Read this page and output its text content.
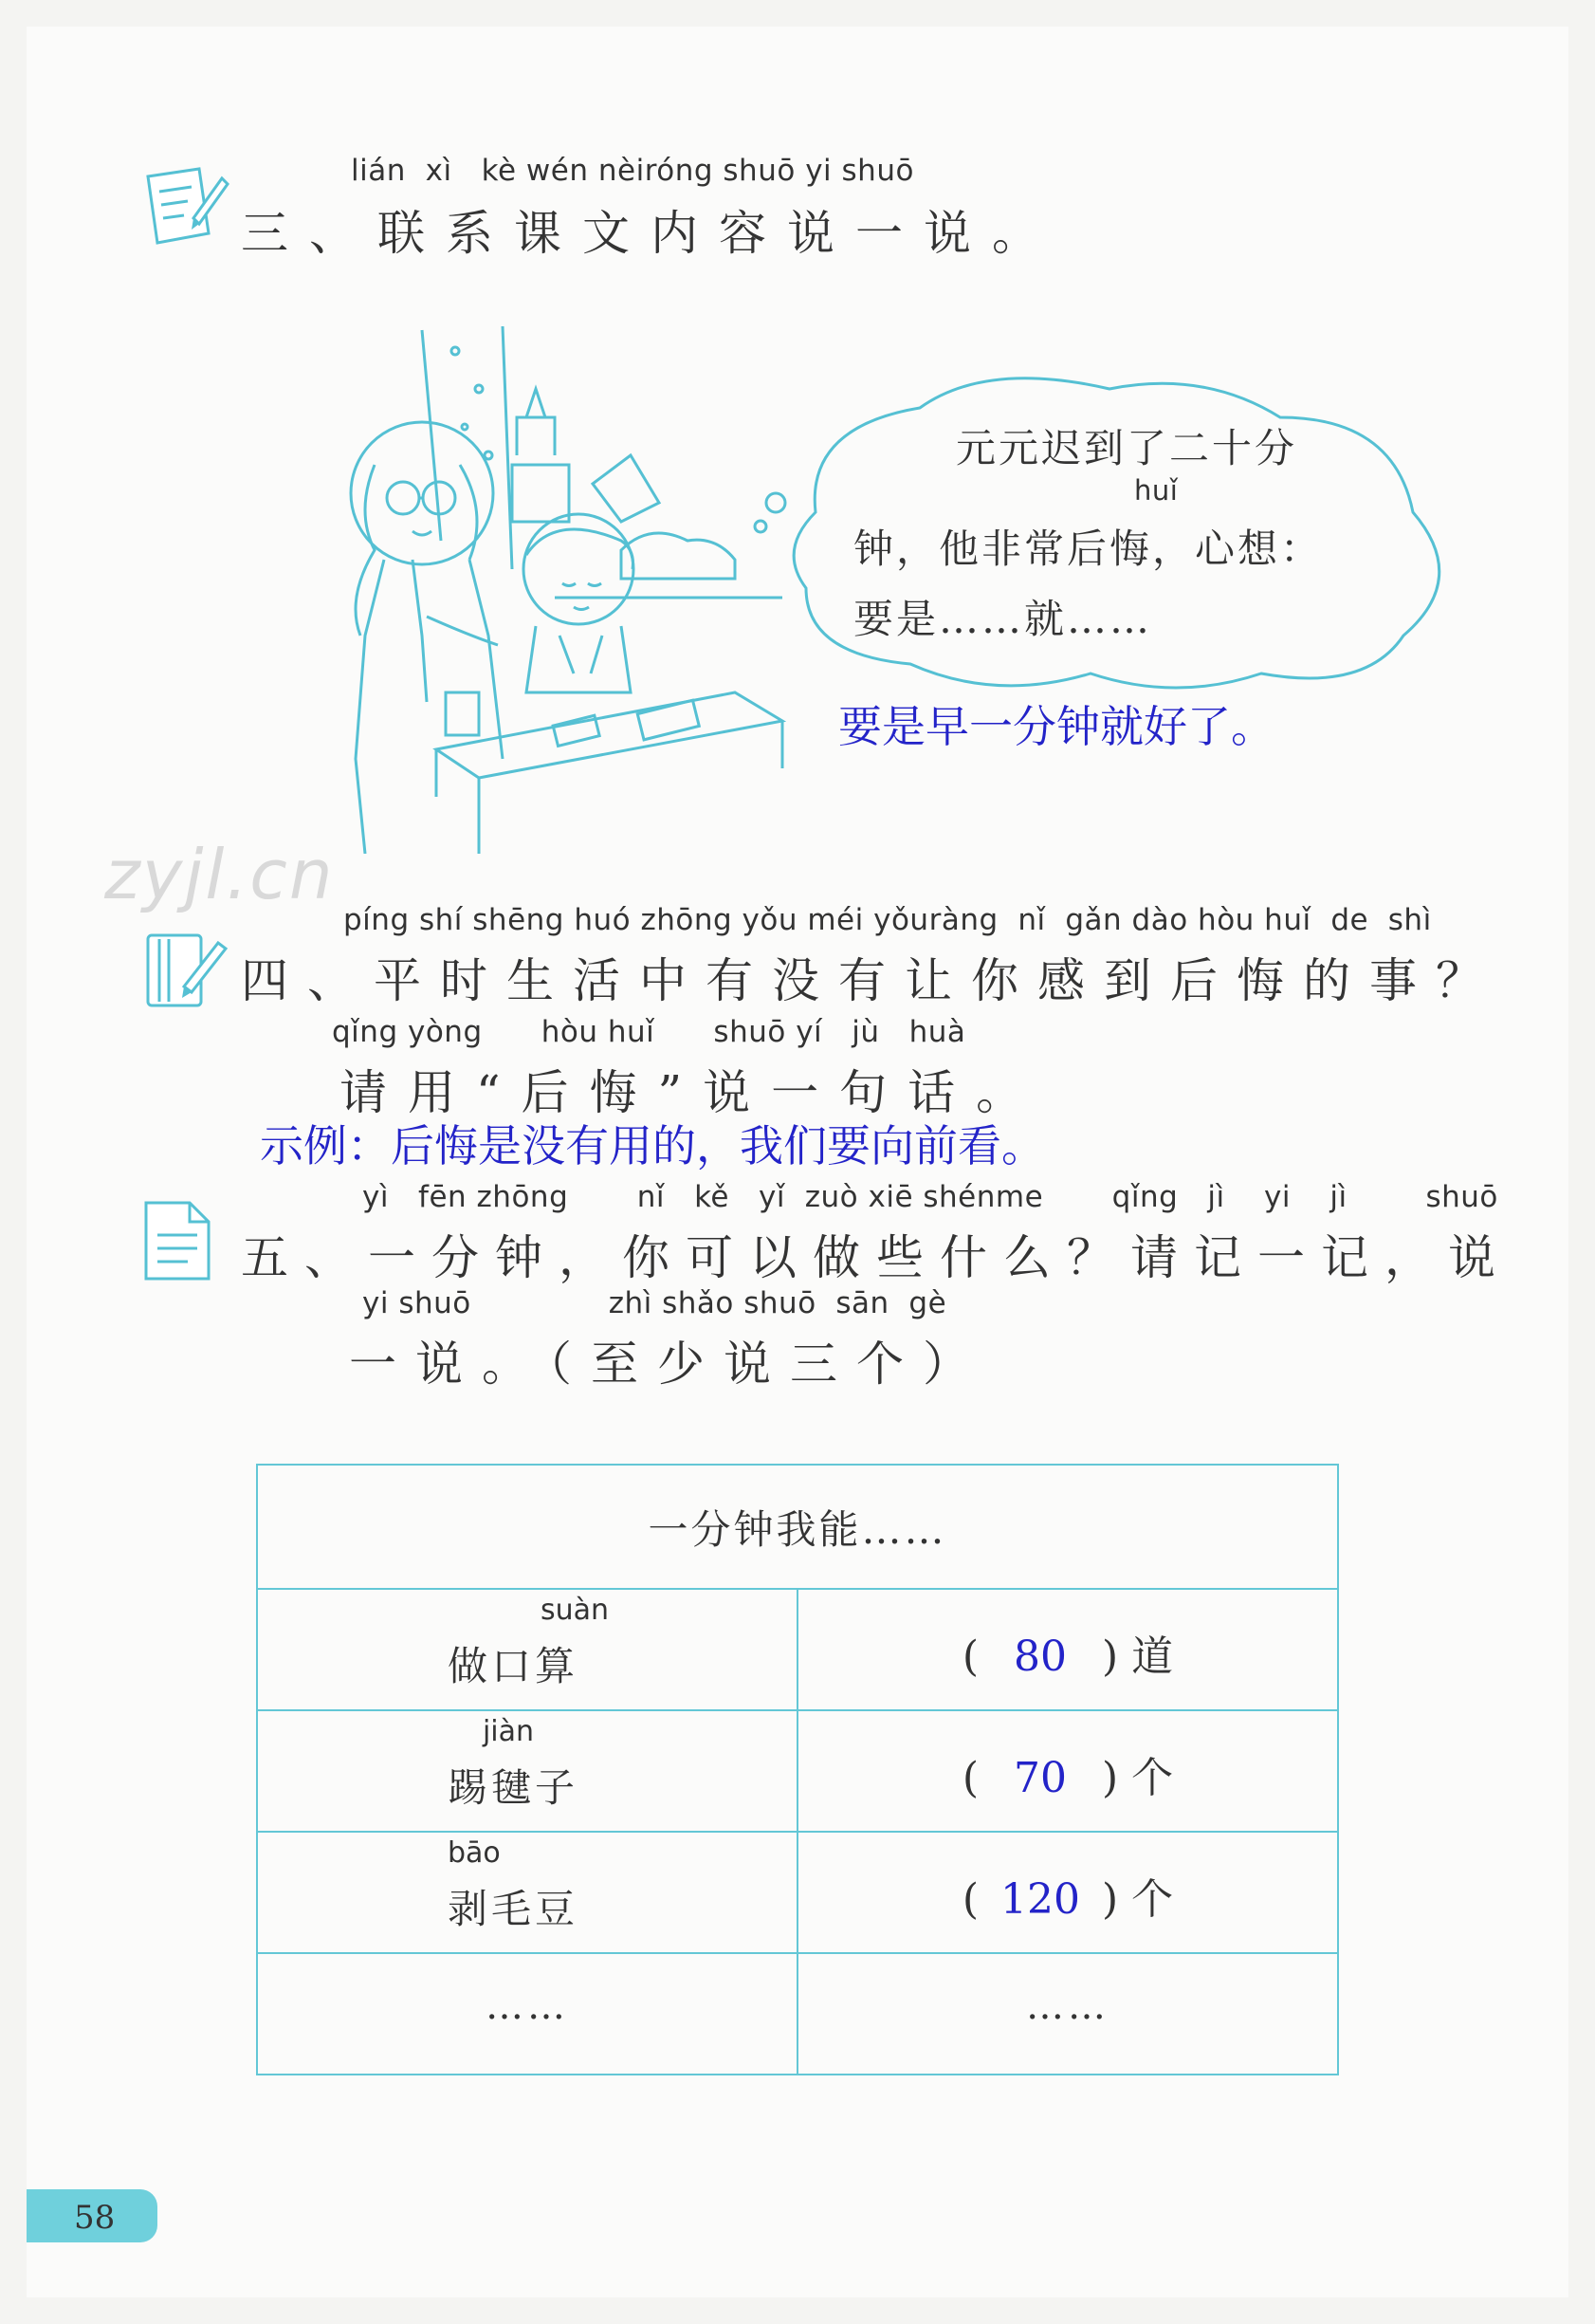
lián xì kè wén nèiróng shuō yi shuō
三、联系课文内容说一说。
元元迟到了二十分
huǐ
钟，他非常后悔，心想：
要是……就……
要是早一分钟就好了。
zyjl.cn
píng shí shēng huó zhōng yǒu méi yǒuràng nǐ gǎn dào hòu huǐ de shì
四、平时生活中有没有让你感到后悔的事？
qǐng yòng hòu huǐ shuō yí jù huà
请用“后悔”说一句话。
示例：后悔是没有用的，我们要向前看。
yì fēn zhōng nǐ kě yǐ zuò xiē shénme qǐng jì yi jì	shuō
五、一分钟，你可以做些什么？请记一记，说
yi shuō	zhì shǎo shuō sān gè
一说。（至少说三个）
一分钟我能……	

suàn
做口算	( 80 ) 道

jiàn
踢毽子	( 70 ) 个

bāo
剥毛豆	( 120 ) 个

……	……
58
